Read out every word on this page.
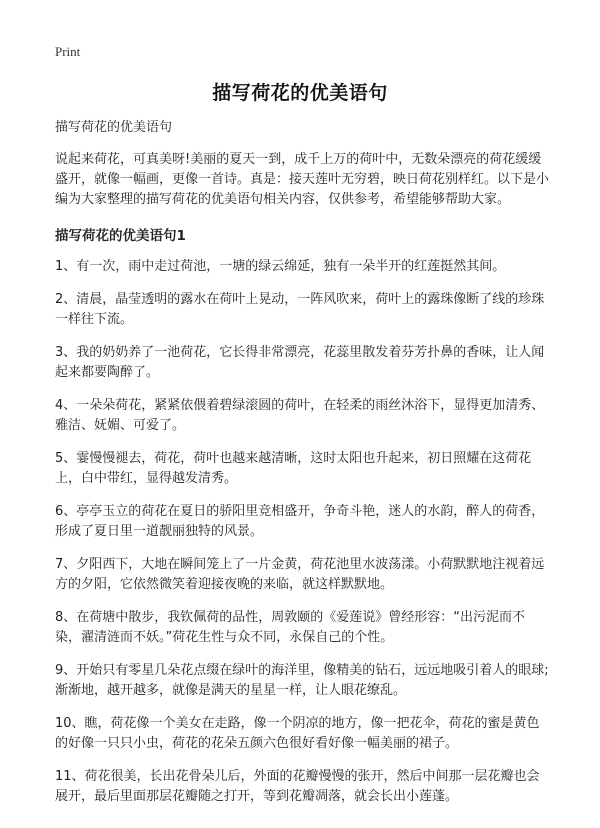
Print
描写荷花的优美语句

描写荷花的优美语句

说起来荷花，可真美呀!美丽的夏天一到，成千上万的荷叶中，无数朵漂亮的荷花缓缓盛开，就像一幅画，更像一首诗。真是：接天莲叶无穷碧，映日荷花别样红。以下是小编为大家整理的描写荷花的优美语句相关内容，仅供参考，希望能够帮助大家。

描写荷花的优美语句1

1、有一次，雨中走过荷池，一塘的绿云绵延，独有一朵半开的红莲挺然其间。

2、清晨，晶莹透明的露水在荷叶上晃动，一阵风吹来，荷叶上的露珠像断了线的珍珠一样往下流。

3、我的奶奶养了一池荷花，它长得非常漂亮，花蕊里散发着芬芳扑鼻的香味，让人闻起来都要陶醉了。

4、一朵朵荷花，紧紧依偎着碧绿滚圆的荷叶，在轻柔的雨丝沐浴下，显得更加清秀、雅洁、妩媚、可爱了。

5、霎慢慢褪去，荷花，荷叶也越来越清晰，这时太阳也升起来，初日照耀在这荷花上，白中带红，显得越发清秀。

6、亭亭玉立的荷花在夏日的骄阳里竞相盛开，争奇斗艳，迷人的水韵，醉人的荷香，形成了夏日里一道靓丽独特的风景。

7、夕阳西下，大地在瞬间笼上了一片金黄，荷花池里水波荡漾。小荷默默地注视着远方的夕阳，它依然微笑着迎接夜晚的来临，就这样默默地。

8、在荷塘中散步，我钦佩荷的品性，周敦颐的《爱莲说》曾经形容：“出污泥而不染，濯清涟而不妖。”荷花生性与众不同，永保自己的个性。

9、开始只有零星几朵花点缀在绿叶的海洋里，像精美的钻石，远远地吸引着人的眼球;渐渐地，越开越多，就像是满天的星星一样，让人眼花缭乱。

10、瞧，荷花像一个美女在走路，像一个阴凉的地方，像一把花伞，荷花的蜜是黄色的好像一只只小虫，荷花的花朵五颜六色很好看好像一幅美丽的裙子。

11、荷花很美，长出花骨朵儿后，外面的花瓣慢慢的张开，然后中间那一层花瓣也会展开，最后里面那层花瓣随之打开，等到花瓣凋落，就会长出小莲蓬。
